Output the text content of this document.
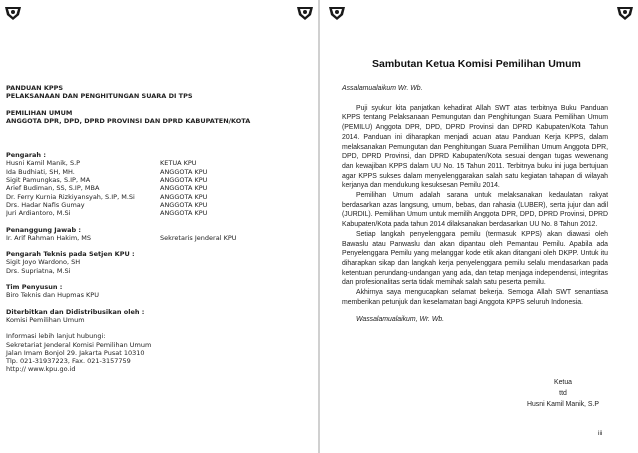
PANDUAN KPPS
PELAKSANAAN DAN PENGHITUNGAN SUARA DI TPS
PEMILIHAN UMUM
ANGGOTA DPR, DPD, DPRD PROVINSI DAN DPRD KABUPATEN/KOTA
Pengarah :
Husni Kamil Manik, S.P	KETUA KPU
Ida Budhiati, SH, MH.	ANGGOTA KPU
Sigit Pamungkas, S.IP, MA	ANGGOTA KPU
Arief Budiman, SS, S.IP, MBA	ANGGOTA KPU
Dr. Ferry Kurnia Rizkiyansyah, S.IP, M.Si	ANGGOTA KPU
Drs. Hadar Nafis Gumay	ANGGOTA KPU
Juri Ardiantoro, M.Si	ANGGOTA KPU
Penanggung Jawab :
Ir. Arif Rahman Hakim, MS	Sekretaris Jenderal KPU
Pengarah Teknis pada Setjen KPU :
Sigit Joyo Wardono, SH
Drs. Supriatna, M.Si
Tim Penyusun :
Biro Teknis dan Hupmas KPU
Diterbitkan dan Didistribusikan oleh :
Komisi Pemilihan Umum
Informasi lebih lanjut hubungi:
Sekretariat Jenderal Komisi Pemilihan Umum
Jalan Imam Bonjol 29. Jakarta Pusat 10310
Tlp. 021-31937223, Fax. 021-3157759
http:// www.kpu.go.id
Sambutan Ketua Komisi Pemilihan Umum

Assalamualaikum Wr. Wb.

Puji syukur kita panjatkan kehadirat Allah SWT atas terbitnya Buku Panduan KPPS tentang Pelaksanaan Pemungutan dan Penghitungan Suara Pemilihan Umum (PEMILU) Anggota DPR, DPD, DPRD Provinsi dan DPRD Kabupaten/Kota Tahun 2014. Panduan ini diharapkan menjadi acuan atau Panduan Kerja KPPS, dalam melaksanakan Pemungutan dan Penghitungan Suara Pemilihan Umum Anggota DPR, DPD, DPRD Provinsi, dan DPRD Kabupaten/Kota sesuai dengan tugas wewenang dan kewajiban KPPS dalam UU No. 15 Tahun 2011. Terbitnya buku ini juga bertujuan agar KPPS sukses dalam menyelenggarakan salah satu kegiatan tahapan di wilayah kerjanya dan mendukung kesuksesan Pemilu 2014.

Pemilihan Umum adalah sarana untuk melaksanakan kedaulatan rakyat berdasarkan azas langsung, umum, bebas, dan rahasia (LUBER), serta jujur dan adil (JURDIL). Pemilihan Umum untuk memilih Anggota DPR, DPD, DPRD Provinsi, DPRD Kabupaten/Kota pada tahun 2014 dilaksanakan berdasarkan UU No. 8 Tahun 2012.

Setiap langkah penyelenggara pemilu (termasuk KPPS) akan diawasi oleh Bawaslu atau Panwaslu dan akan dipantau oleh Pemantau Pemilu. Apabila ada Penyelenggara Pemilu yang melanggar kode etik akan ditangani oleh DKPP. Untuk itu diharapkan sikap dan langkah kerja penyelenggara pemilu selalu mendasarkan pada ketentuan perundang-undangan yang ada, dan tetap menjaga independensi, integritas dan profesionalitas serta tidak memihak salah satu peserta pemilu.

Akhirnya saya mengucapkan selamat bekerja. Semoga Allah SWT senantiasa memberikan petunjuk dan keselamatan bagi Anggota KPPS seluruh Indonesia.

Wassalamualaikum, Wr. Wb.

Ketua
ttd
Husni Kamil Manik, S.P
iii
